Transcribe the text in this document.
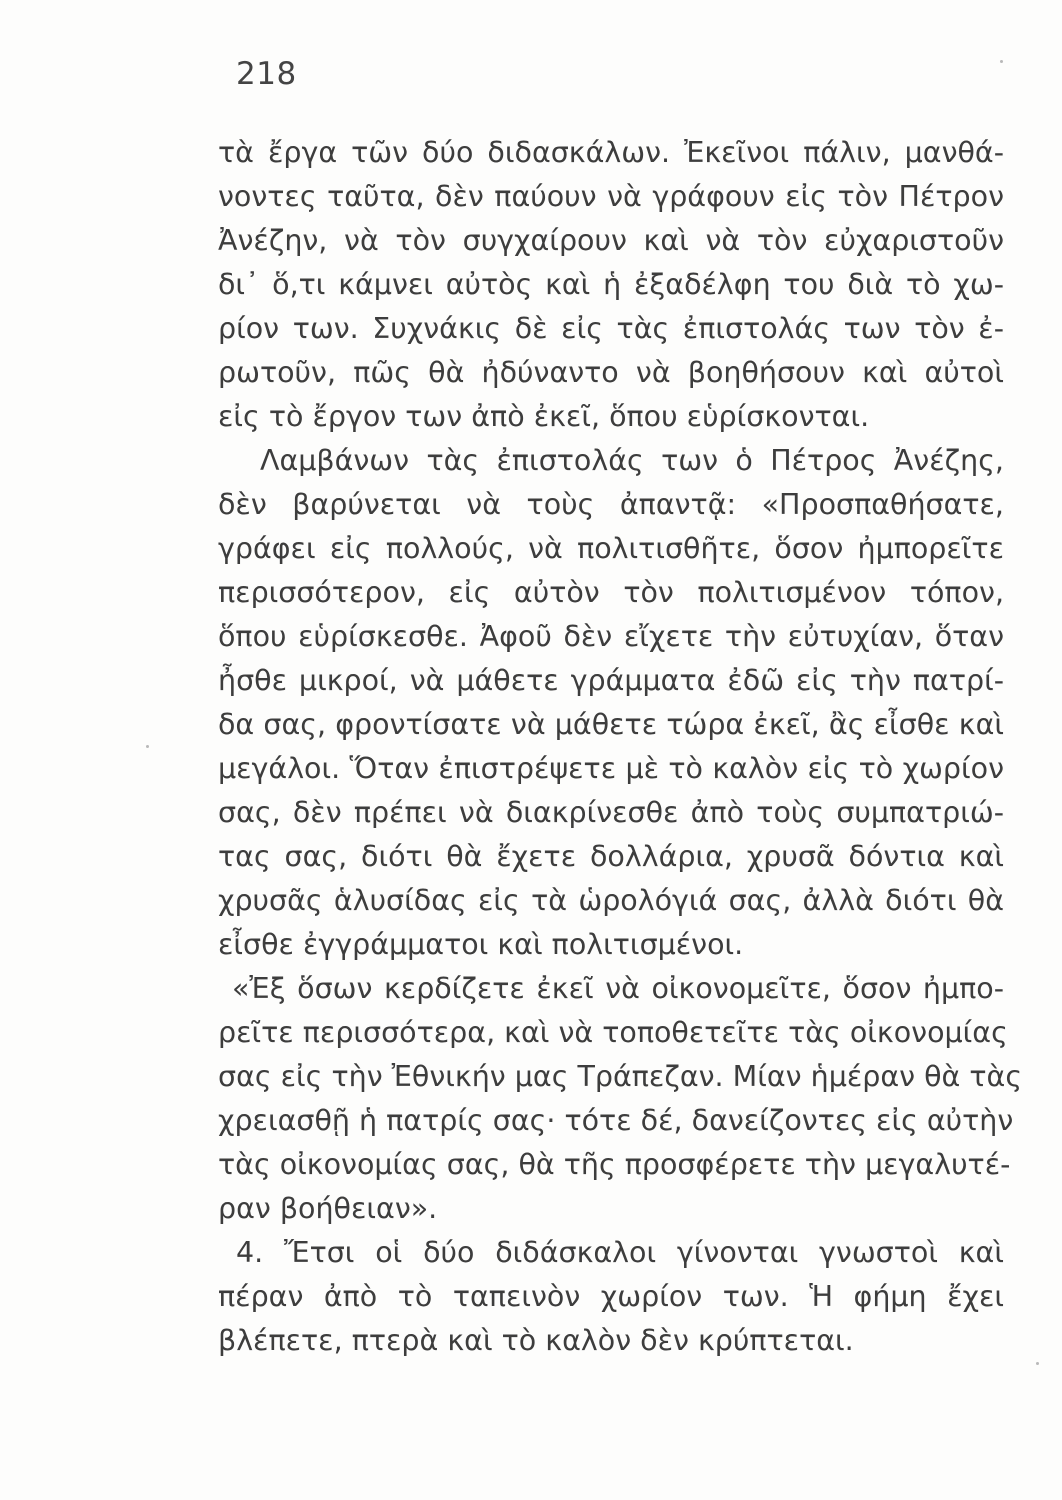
218
τὰ ἔργα τῶν δύο διδασκάλων. Ἐκεῖνοι πάλιν, μανθά-
νοντες ταῦτα, δὲν παύουν νὰ γράφουν εἰς τὸν Πέτρον
Ἀνέζην, νὰ τὸν συγχαίρουν καὶ νὰ τὸν εὐχαριστοῦν
δι᾽ ὅ,τι κάμνει αὐτὸς καὶ ἡ ἐξαδέλφη του διὰ τὸ χω-
ρίον των. Συχνάκις δὲ εἰς τὰς ἐπιστολάς των τὸν ἐ-
ρωτοῦν, πῶς θὰ ἠδύναντο νὰ βοηθήσουν καὶ αὐτοὶ
εἰς τὸ ἔργον των ἀπὸ ἐκεῖ, ὅπου εὑρίσκονται.
Λαμβάνων τὰς ἐπιστολάς των ὁ Πέτρος Ἀνέζης,
δὲν βαρύνεται νὰ τοὺς ἀπαντᾷ: «Προσπαθήσατε,
γράφει εἰς πολλούς, νὰ πολιτισθῆτε, ὅσον ἠμπορεῖτε
περισσότερον, εἰς αὐτὸν τὸν πολιτισμένον τόπον,
ὅπου εὑρίσκεσθε. Ἀφοῦ δὲν εἴχετε τὴν εὐτυχίαν, ὅταν
ἦσθε μικροί, νὰ μάθετε γράμματα ἐδῶ εἰς τὴν πατρί-
δα σας, φροντίσατε νὰ μάθετε τώρα ἐκεῖ, ἂς εἶσθε καὶ
μεγάλοι. Ὅταν ἐπιστρέψετε μὲ τὸ καλὸν εἰς τὸ χωρίον
σας, δὲν πρέπει νὰ διακρίνεσθε ἀπὸ τοὺς συμπατριώ-
τας σας, διότι θὰ ἔχετε δολλάρια, χρυσᾶ δόντια καὶ
χρυσᾶς ἁλυσίδας εἰς τὰ ὡρολόγιά σας, ἀλλὰ διότι θὰ
εἶσθε ἐγγράμματοι καὶ πολιτισμένοι.
«Ἐξ ὅσων κερδίζετε ἐκεῖ νὰ οἰκονομεῖτε, ὅσον ἠμπο-
ρεῖτε περισσότερα, καὶ νὰ τοποθετεῖτε τὰς οἰκονομίας
σας εἰς τὴν Ἐθνικήν μας Τράπεζαν. Μίαν ἡμέραν θὰ τὰς
χρειασθῇ ἡ πατρίς σας· τότε δέ, δανείζοντες εἰς αὐτὴν
τὰς οἰκονομίας σας, θὰ τῆς προσφέρετε τὴν μεγαλυτέ-
ραν βοήθειαν».
4. Ἔτσι οἱ δύο διδάσκαλοι γίνονται γνωστοὶ καὶ
πέραν ἀπὸ τὸ ταπεινὸν χωρίον των. Ἡ φήμη ἔχει
βλέπετε, πτερὰ καὶ τὸ καλὸν δὲν κρύπτεται.
